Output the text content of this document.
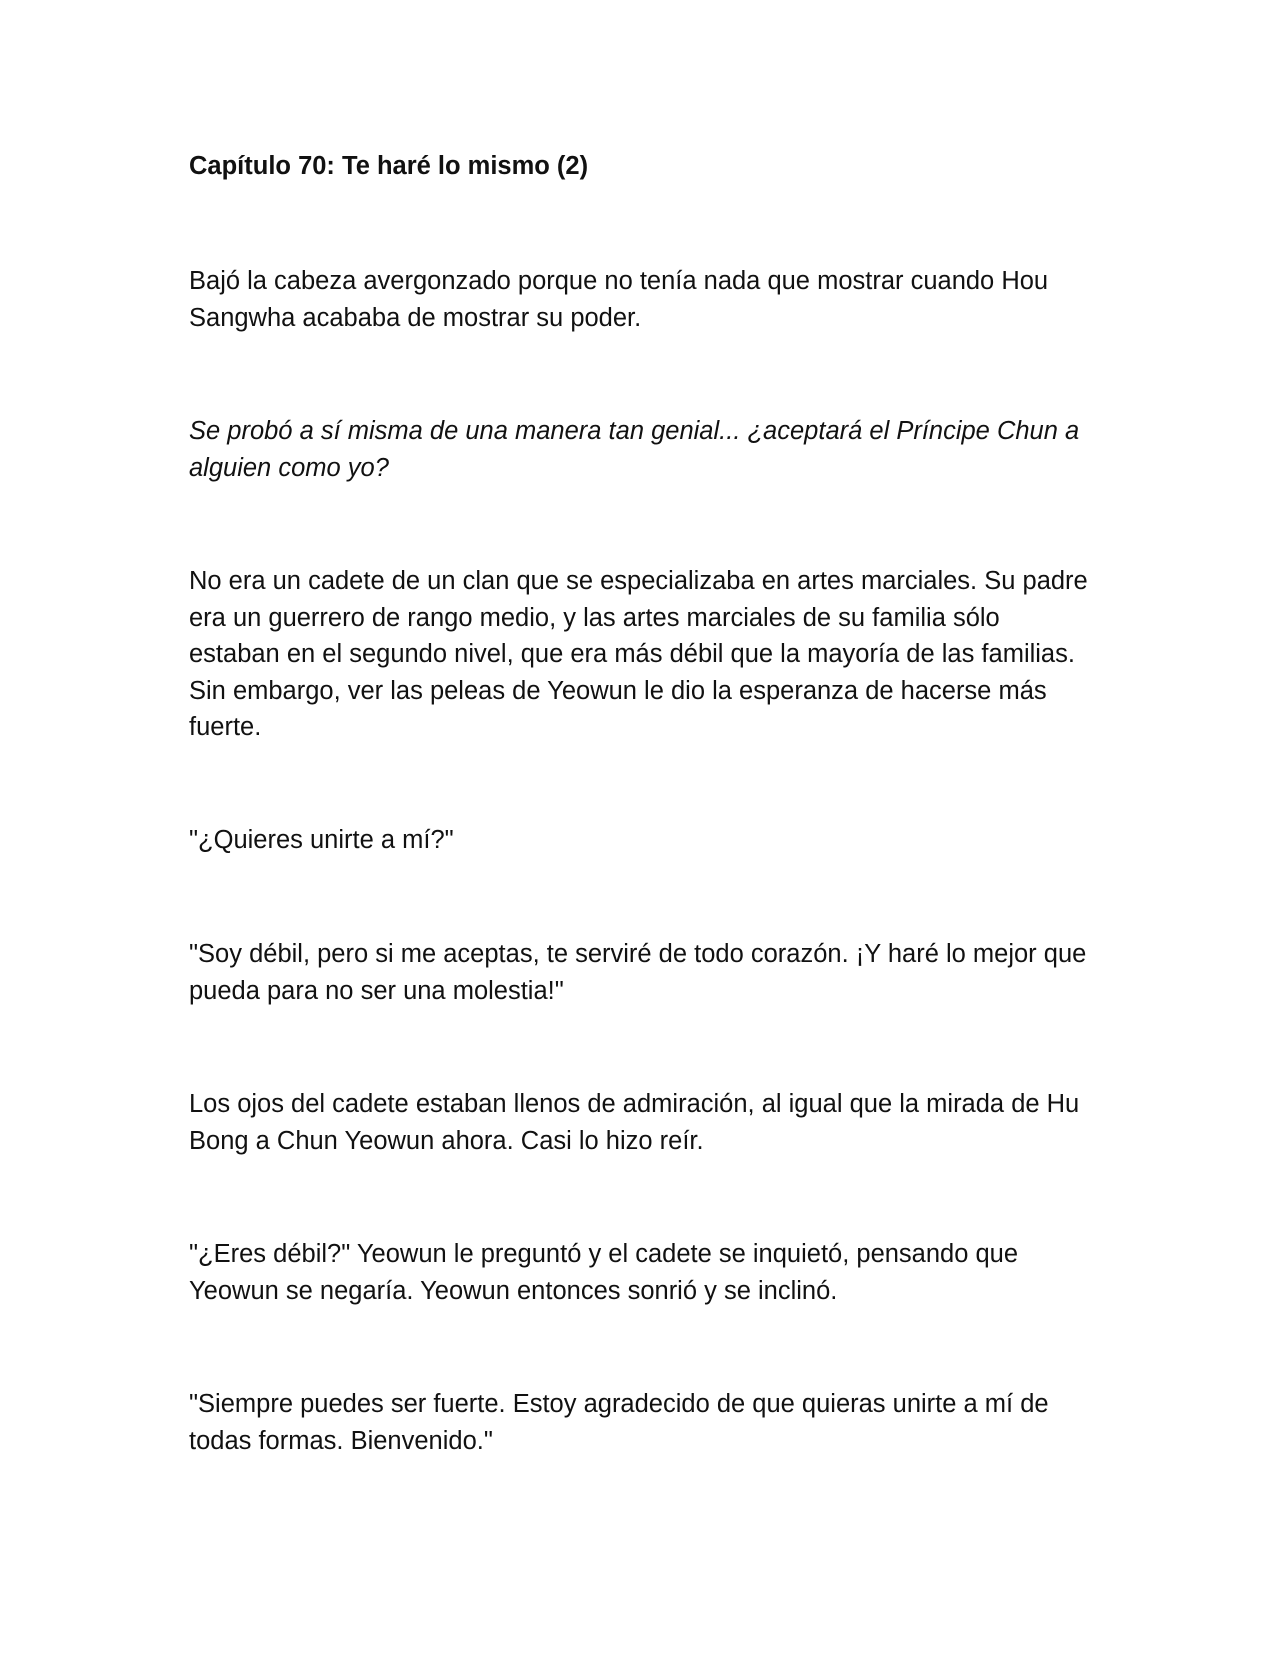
Capítulo 70: Te haré lo mismo (2)

Bajó la cabeza avergonzado porque no tenía nada que mostrar cuando Hou Sangwha acababa de mostrar su poder.

Se probó a sí misma de una manera tan genial... ¿aceptará el Príncipe Chun a alguien como yo?

No era un cadete de un clan que se especializaba en artes marciales. Su padre era un guerrero de rango medio, y las artes marciales de su familia sólo estaban en el segundo nivel, que era más débil que la mayoría de las familias. Sin embargo, ver las peleas de Yeowun le dio la esperanza de hacerse más fuerte.

"¿Quieres unirte a mí?"

"Soy débil, pero si me aceptas, te serviré de todo corazón. ¡Y haré lo mejor que pueda para no ser una molestia!"

Los ojos del cadete estaban llenos de admiración, al igual que la mirada de Hu Bong a Chun Yeowun ahora. Casi lo hizo reír.

"¿Eres débil?" Yeowun le preguntó y el cadete se inquietó, pensando que Yeowun se negaría. Yeowun entonces sonrió y se inclinó.

"Siempre puedes ser fuerte. Estoy agradecido de que quieras unirte a mí de todas formas. Bienvenido."
